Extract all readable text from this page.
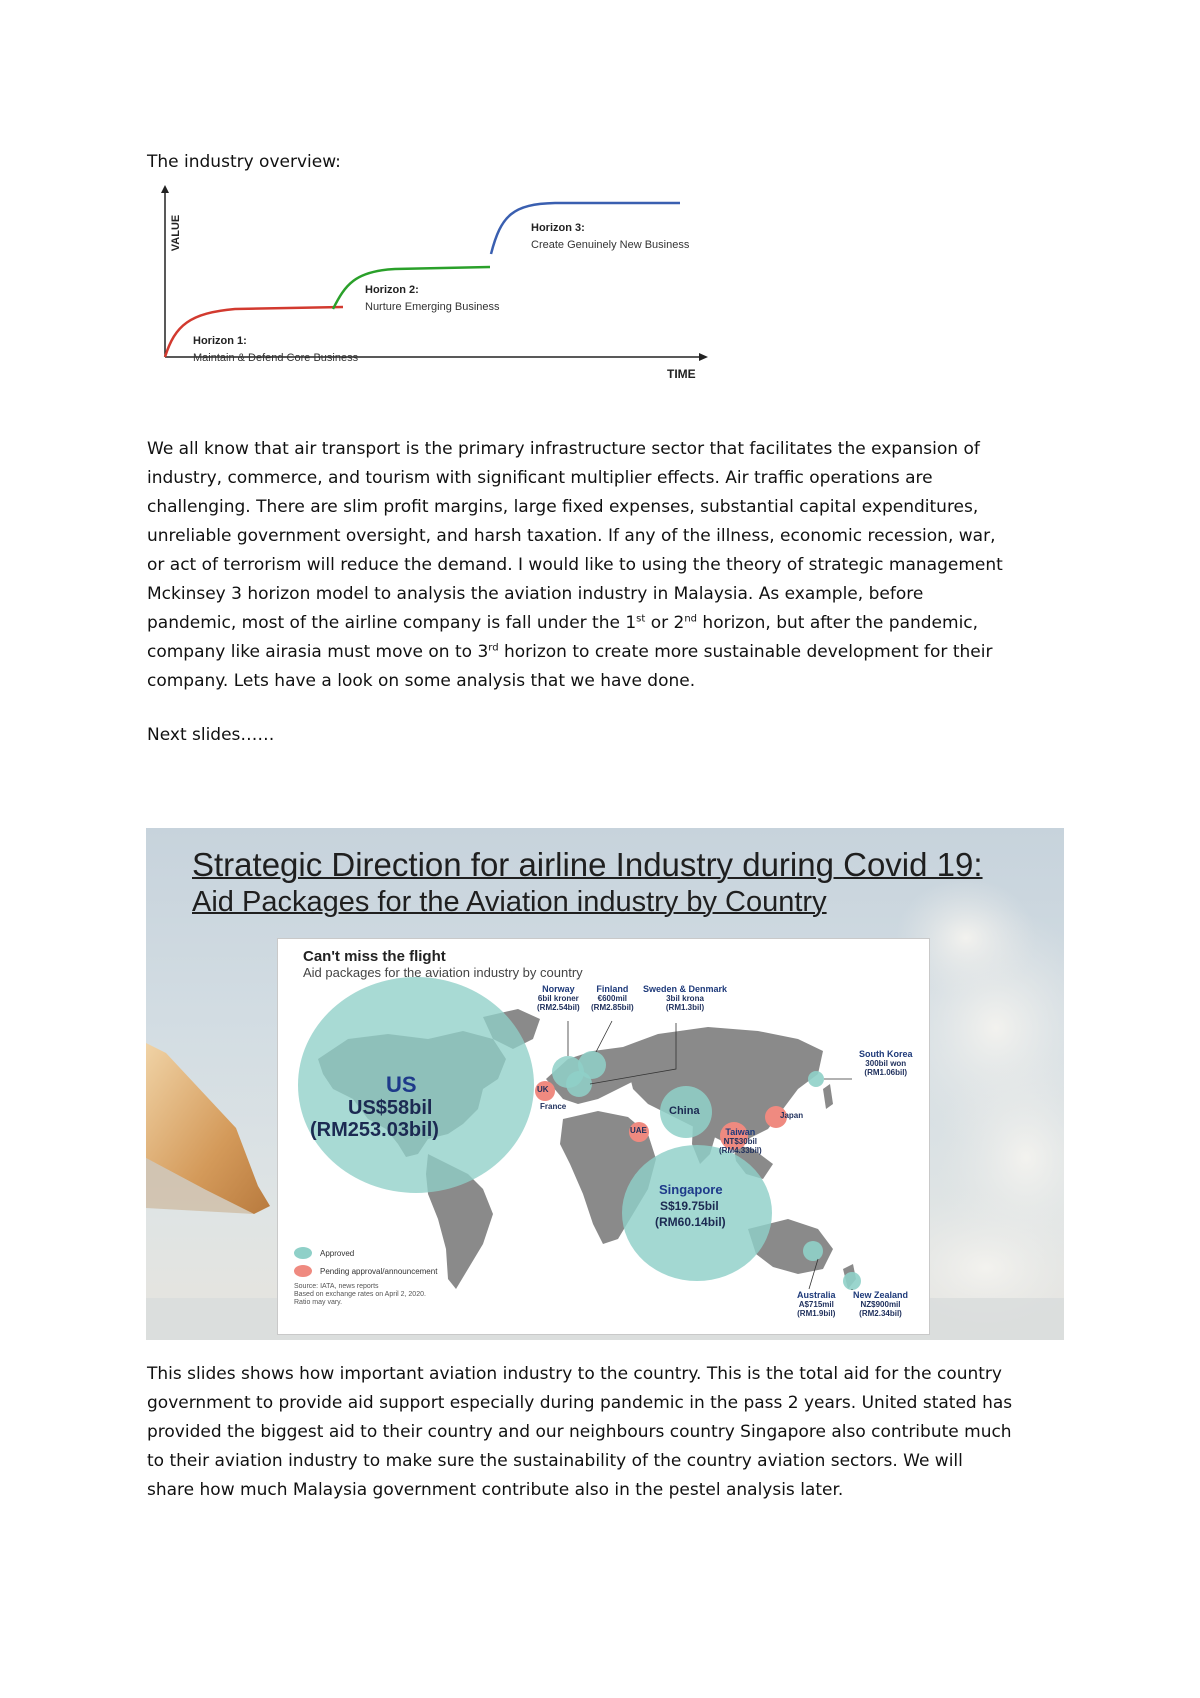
The industry overview:
VALUE
TIME
Horizon 1:
Maintain & Defend Core Business
Horizon 2:
Nurture Emerging Business
Horizon 3:
Create Genuinely New Business
We all know that air transport is the primary infrastructure sector that facilitates the expansion of
industry, commerce, and tourism with significant multiplier effects. Air traffic operations are
challenging. There are slim profit margins, large fixed expenses, substantial capital expenditures,
unreliable government oversight, and harsh taxation. If any of the illness, economic recession, war,
or act of terrorism will reduce the demand. I would like to using the theory of strategic management
Mckinsey 3 horizon model to analysis the aviation industry in Malaysia. As example, before
pandemic, most of the airline company is fall under the 1st or 2nd horizon, but after the pandemic,
company like airasia must move on to 3rd horizon to create more sustainable development for their
company. Lets have a look on some analysis that we have done.
Next slides……
Strategic Direction for airline Industry during Covid 19:
Aid Packages for the Aviation industry by Country
Can't miss the flight
Aid packages for the aviation industry by country
Norway
6bil kroner
(RM2.54bil)
Finland
€600mil
(RM2.85bil)
Sweden & Denmark
3bil krona
(RM1.3bil)
South Korea
300bil won
(RM1.06bil)
Taiwan
NT$30bil
(RM4.33bil)
Australia
A$715mil
(RM1.9bil)
New Zealand
NZ$900mil
(RM2.34bil)
UK
France
UAE
Japan
US
US$58bil
(RM253.03bil)
China
Singapore
S$19.75bil
(RM60.14bil)
Approved
Pending approval/announcement
Source: IATA, news reports
Based on exchange rates on April 2, 2020.
Ratio may vary.
This slides shows how important aviation industry to the country. This is the total aid for the country
government to provide aid support especially during pandemic in the pass 2 years. United stated has
provided the biggest aid to their country and our neighbours country Singapore also contribute much
to their aviation industry to make sure the sustainability of the country aviation sectors. We will
share how much Malaysia government contribute also in the pestel analysis later.
